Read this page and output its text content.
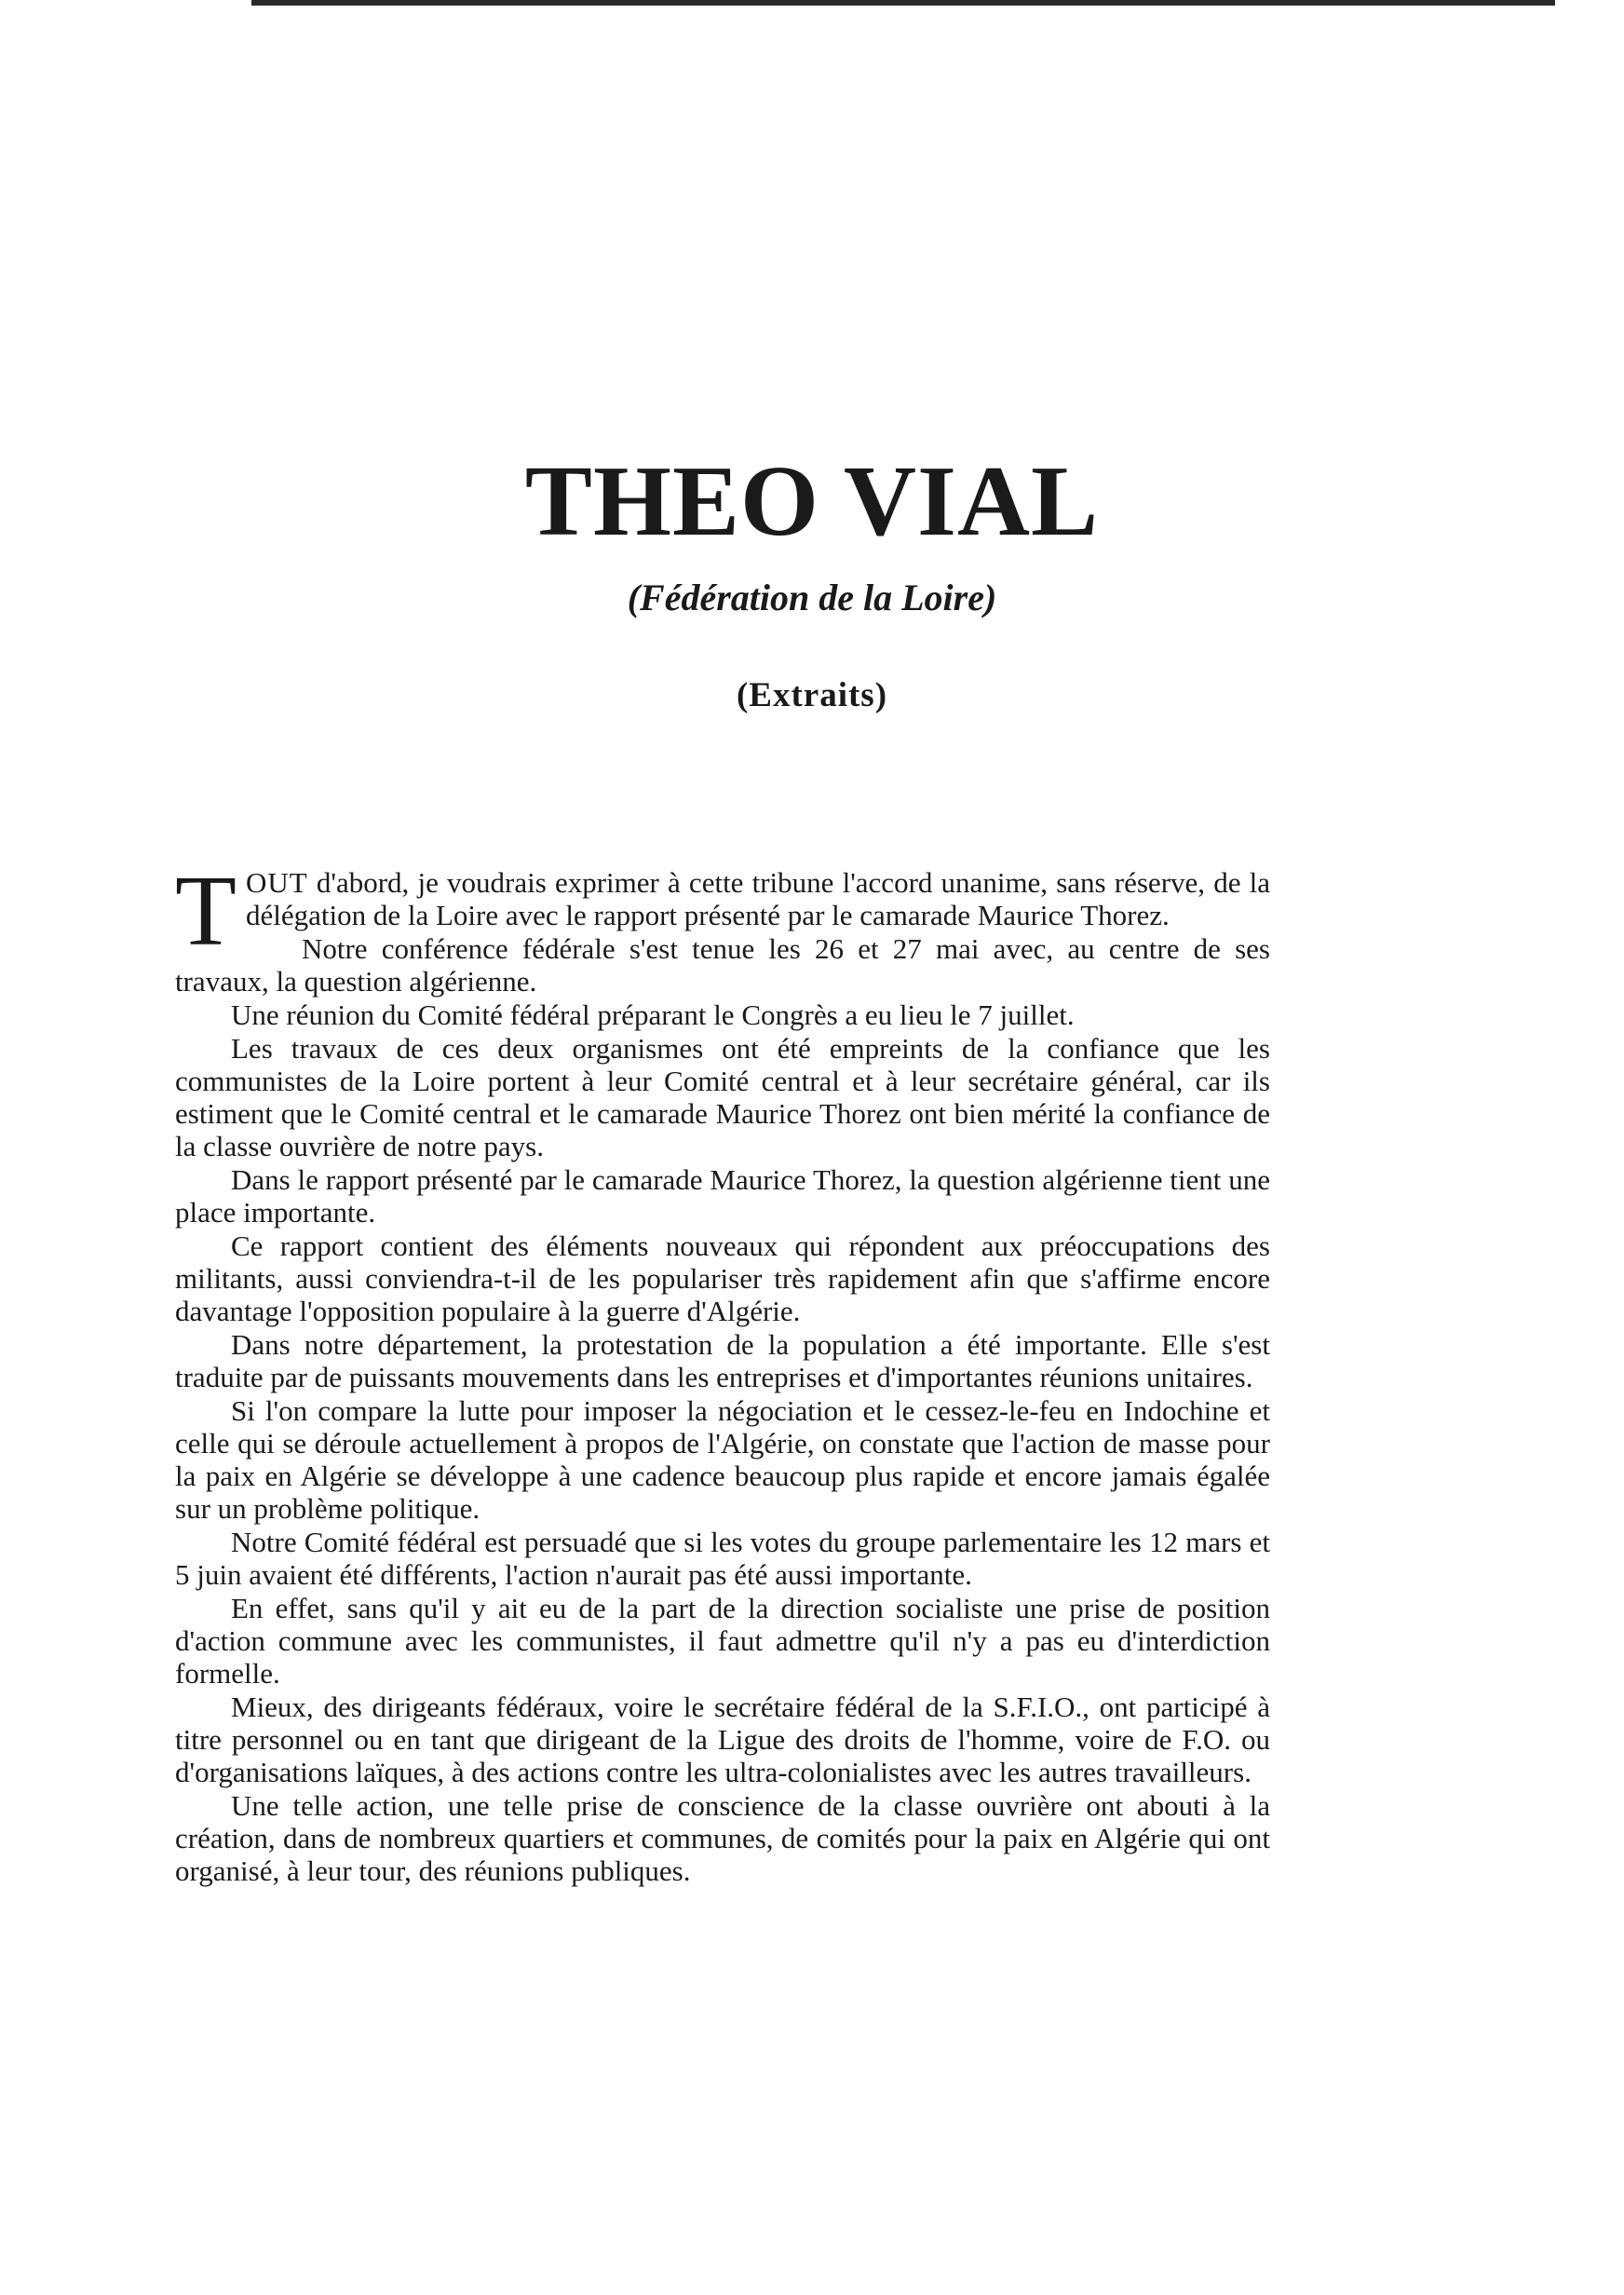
THEO VIAL
(Fédération de la Loire)
(Extraits)

TOUT d'abord, je voudrais exprimer à cette tribune l'accord unanime, sans réserve, de la délégation de la Loire avec le rapport présenté par le camarade Maurice Thorez.

Notre conférence fédérale s'est tenue les 26 et 27 mai avec, au centre de ses travaux, la question algérienne.

Une réunion du Comité fédéral préparant le Congrès a eu lieu le 7 juillet.

Les travaux de ces deux organismes ont été empreints de la confiance que les communistes de la Loire portent à leur Comité central et à leur secrétaire général, car ils estiment que le Comité central et le camarade Maurice Thorez ont bien mérité la confiance de la classe ouvrière de notre pays.

Dans le rapport présenté par le camarade Maurice Thorez, la question algérienne tient une place importante.

Ce rapport contient des éléments nouveaux qui répondent aux préoccupations des militants, aussi conviendra-t-il de les populariser très rapidement afin que s'affirme encore davantage l'opposition populaire à la guerre d'Algérie.

Dans notre département, la protestation de la population a été importante. Elle s'est traduite par de puissants mouvements dans les entreprises et d'importantes réunions unitaires.

Si l'on compare la lutte pour imposer la négociation et le cessez-le-feu en Indochine et celle qui se déroule actuellement à propos de l'Algérie, on constate que l'action de masse pour la paix en Algérie se développe à une cadence beaucoup plus rapide et encore jamais égalée sur un problème politique.

Notre Comité fédéral est persuadé que si les votes du groupe parlementaire les 12 mars et 5 juin avaient été différents, l'action n'aurait pas été aussi importante.

En effet, sans qu'il y ait eu de la part de la direction socialiste une prise de position d'action commune avec les communistes, il faut admettre qu'il n'y a pas eu d'interdiction formelle.

Mieux, des dirigeants fédéraux, voire le secrétaire fédéral de la S.F.I.O., ont participé à titre personnel ou en tant que dirigeant de la Ligue des droits de l'homme, voire de F.O. ou d'organisations laïques, à des actions contre les ultra-colonialistes avec les autres travailleurs.

Une telle action, une telle prise de conscience de la classe ouvrière ont abouti à la création, dans de nombreux quartiers et communes, de comités pour la paix en Algérie qui ont organisé, à leur tour, des réunions publiques.
